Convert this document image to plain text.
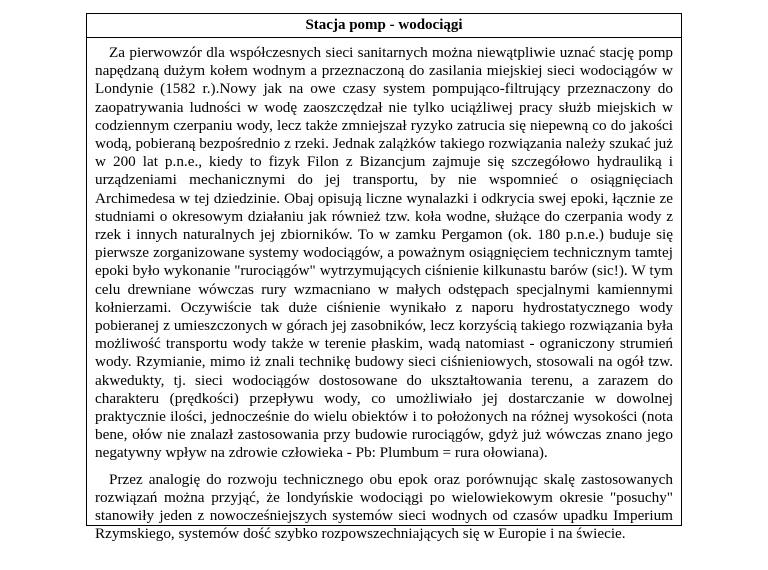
Stacja pomp - wodociągi

Za pierwowzór dla współczesnych sieci sanitarnych można niewątpliwie uznać stację pomp napędzaną dużym kołem wodnym a przeznaczoną do zasilania miejskiej sieci wodociągów w Londynie (1582 r.).Nowy jak na owe czasy system pompująco-filtrujący przeznaczony do zaopatrywania ludności w wodę zaoszczędzał nie tylko uciążliwej pracy służb miejskich w codziennym czerpaniu wody, lecz także zmniejszał ryzyko zatrucia się niepewną co do jakości wodą, pobieraną bezpośrednio z rzeki. Jednak zalążków takiego rozwiązania należy szukać już w 200 lat p.n.e., kiedy to fizyk Filon z Bizancjum zajmuje się szczegółowo hydrauliką i urządzeniami mechanicznymi do jej transportu, by nie wspomnieć o osiągnięciach Archimedesa w tej dziedzinie. Obaj opisują liczne wynalazki i odkrycia swej epoki, łącznie ze studniami o okresowym działaniu jak również tzw. koła wodne, służące do czerpania wody z rzek i innych naturalnych jej zbiorników. To w zamku Pergamon (ok. 180 p.n.e.) buduje się pierwsze zorganizowane systemy wodociągów, a poważnym osiągnięciem technicznym tamtej epoki było wykonanie "rurociągów" wytrzymujących ciśnienie kilkunastu barów (sic!). W tym celu drewniane wówczas rury wzmacniano w małych odstępach specjalnymi kamiennymi kołnierzami. Oczywiście tak duże ciśnienie wynikało z naporu hydrostatycznego wody pobieranej z umieszczonych w górach jej zasobników, lecz korzyścią takiego rozwiązania była możliwość transportu wody także w terenie płaskim, wadą natomiast - ograniczony strumień wody. Rzymianie, mimo iż znali technikę budowy sieci ciśnieniowych, stosowali na ogół tzw. akwedukty, tj. sieci wodociągów dostosowane do ukształtowania terenu, a zarazem do charakteru (prędkości) przepływu wody, co umożliwiało jej dostarczanie w dowolnej praktycznie ilości, jednocześnie do wielu obiektów i to położonych na różnej wysokości (nota bene, ołów nie znalazł zastosowania przy budowie rurociągów, gdyż już wówczas znano jego negatywny wpływ na zdrowie człowieka - Pb: Plumbum = rura ołowiana).

Przez analogię do rozwoju technicznego obu epok oraz porównując skalę zastosowanych rozwiązań można przyjąć, że londyńskie wodociągi po wielowiekowym okresie "posuchy" stanowiły jeden z nowocześniejszych systemów sieci wodnych od czasów upadku Imperium Rzymskiego, systemów dość szybko rozpowszechniających się w Europie i na świecie.
